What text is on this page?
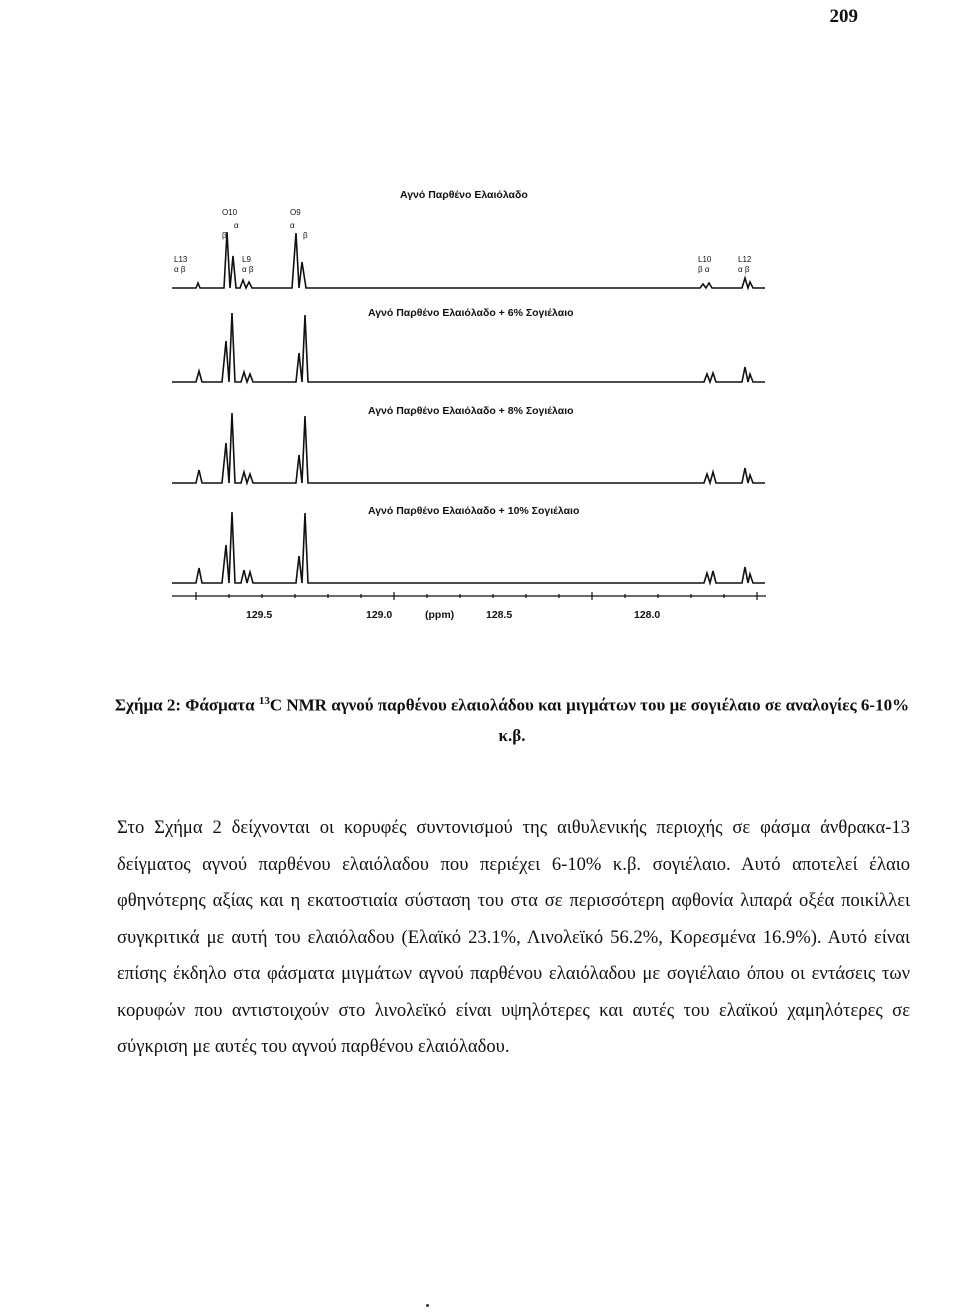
209
Αγνό Παρθένο Ελαιόλαδο
O10
α
β
O9
α
β
L13
α β
L9
α β
L10
β α
L12
α β
Αγνό Παρθένο Ελαιόλαδο + 6% Σογιέλαιο
Αγνό Παρθένο Ελαιόλαδο + 8% Σογιέλαιο
Αγνό Παρθένο Ελαιόλαδο + 10% Σογιέλαιο
129.5	129.0	(ppm)	128.5	128.0
Σχήμα 2: Φάσματα $^{13}$C NMR αγνού παρθένου ελαιολάδου και μιγμάτων του με σογιέλαιο σε αναλογίες 6-10% κ.β.
Στο Σχήμα 2 δείχνονται οι κορυφές συντονισμού της αιθυλενικής περιοχής σε φάσμα άνθρακα-13 δείγματος αγνού παρθένου ελαιόλαδου που περιέχει 6-10% κ.β. σογιέλαιο. Αυτό αποτελεί έλαιο φθηνότερης αξίας και η εκατοστιαία σύσταση του στα σε περισσότερη αφθονία λιπαρά οξέα ποικίλλει συγκριτικά με αυτή του ελαιόλαδου (Ελαϊκό 23.1%, Λινολεϊκό 56.2%, Κορεσμένα 16.9%). Αυτό είναι επίσης έκδηλο στα φάσματα μιγμάτων αγνού παρθένου ελαιόλαδου με σογιέλαιο όπου οι εντάσεις των κορυφών που αντιστοιχούν στο λινολεϊκό είναι υψηλότερες και αυτές του ελαϊκού χαμηλότερες σε σύγκριση με αυτές του αγνού παρθένου ελαιόλαδου.
